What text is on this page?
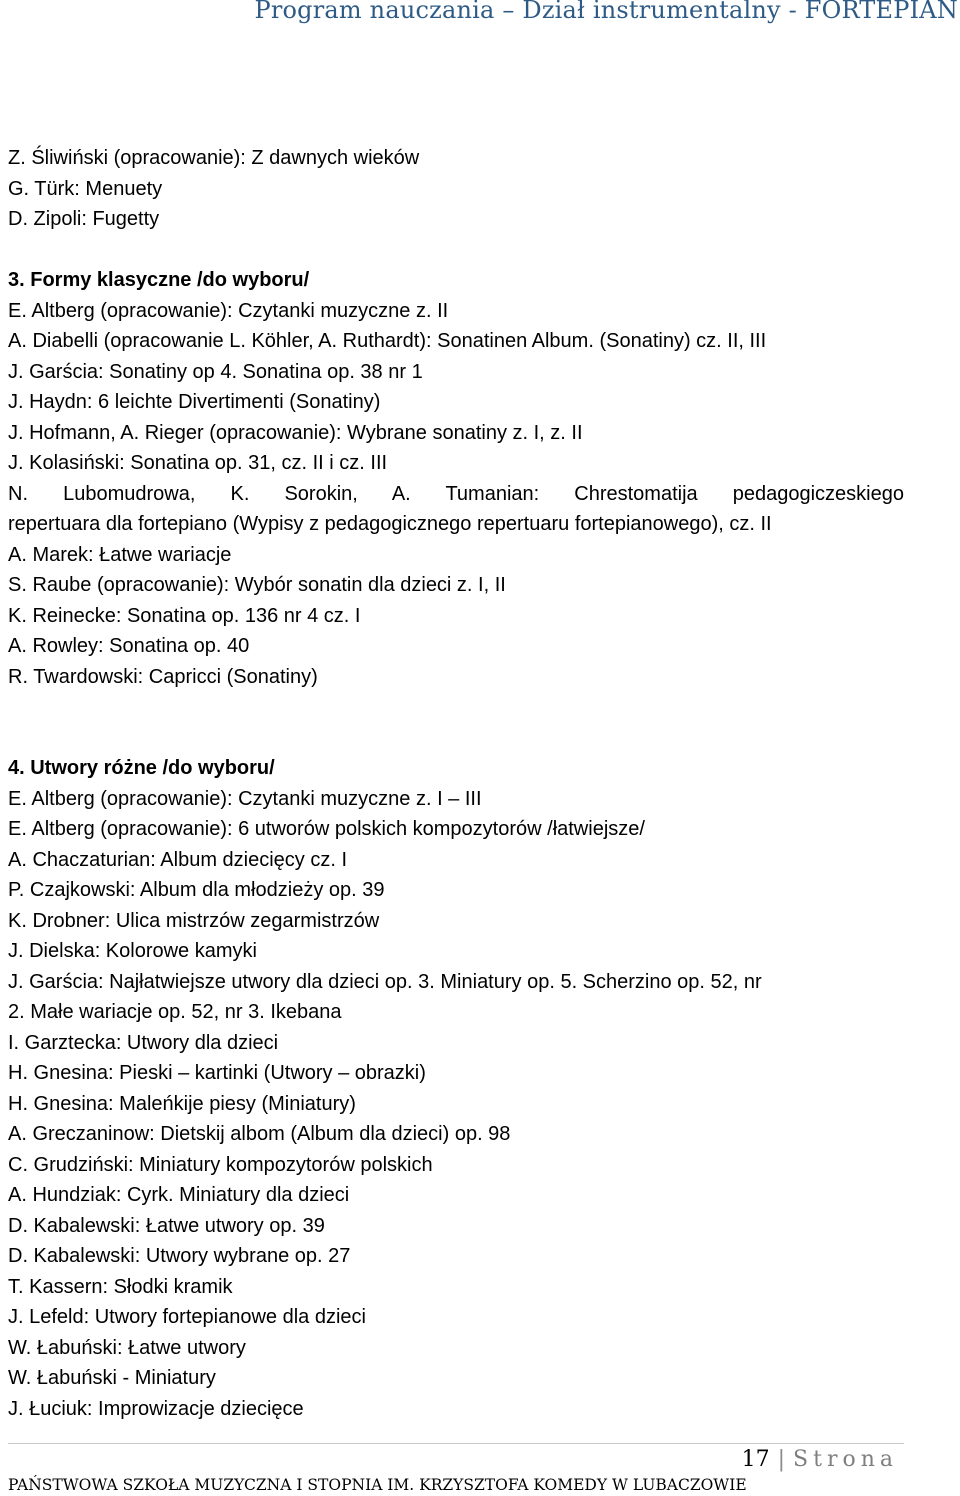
Program nauczania – Dział instrumentalny - FORTEPIAN
Z. Śliwiński (opracowanie): Z dawnych wieków
G. Türk: Menuety
D. Zipoli: Fugetty
3. Formy klasyczne /do wyboru/
E. Altberg (opracowanie): Czytanki muzyczne z. II
A. Diabelli (opracowanie L. Köhler, A. Ruthardt): Sonatinen Album. (Sonatiny) cz. II, III
J. Garścia: Sonatiny op 4. Sonatina op. 38 nr 1
J. Haydn: 6 leichte Divertimenti (Sonatiny)
J. Hofmann, A. Rieger (opracowanie): Wybrane sonatiny z. I, z. II
J. Kolasiński: Sonatina op. 31, cz. II i cz. III
N. Lubomudrowa, K. Sorokin, A. Tumanian: Chrestomatija pedagogiczeskiego
repertuara dla fortepiano (Wypisy z pedagogicznego repertuaru fortepianowego), cz. II
A. Marek: Łatwe wariacje
S. Raube (opracowanie): Wybór sonatin dla dzieci z. I, II
K. Reinecke: Sonatina op. 136 nr 4 cz. I
A. Rowley: Sonatina op. 40
R. Twardowski: Capricci (Sonatiny)
4. Utwory różne /do wyboru/
E. Altberg (opracowanie): Czytanki muzyczne z. I – III
E. Altberg (opracowanie): 6 utworów polskich kompozytorów /łatwiejsze/
A. Chaczaturian: Album dziecięcy cz. I
P. Czajkowski: Album dla młodzieży op. 39
K. Drobner: Ulica mistrzów zegarmistrzów
J. Dielska: Kolorowe kamyki
J. Garścia: Najłatwiejsze utwory dla dzieci op. 3. Miniatury op. 5. Scherzino op. 52, nr
2. Małe wariacje op. 52, nr 3. Ikebana
I. Garztecka: Utwory dla dzieci
H. Gnesina: Pieski – kartinki (Utwory – obrazki)
H. Gnesina: Maleńkije piesy (Miniatury)
A. Greczaninow: Dietskij albom (Album dla dzieci) op. 98
C. Grudziński: Miniatury kompozytorów polskich
A. Hundziak: Cyrk. Miniatury dla dzieci
D. Kabalewski: Łatwe utwory op. 39
D. Kabalewski: Utwory wybrane op. 27
T. Kassern: Słodki kramik
J. Lefeld: Utwory fortepianowe dla dzieci
W. Łabuński: Łatwe utwory
W. Łabuński - Miniatury
J. Łuciuk: Improwizacje dziecięce
17 | Strona
PAŃSTWOWA SZKOŁA MUZYCZNA I STOPNIA IM. KRZYSZTOFA KOMEDY W LUBACZOWIE
